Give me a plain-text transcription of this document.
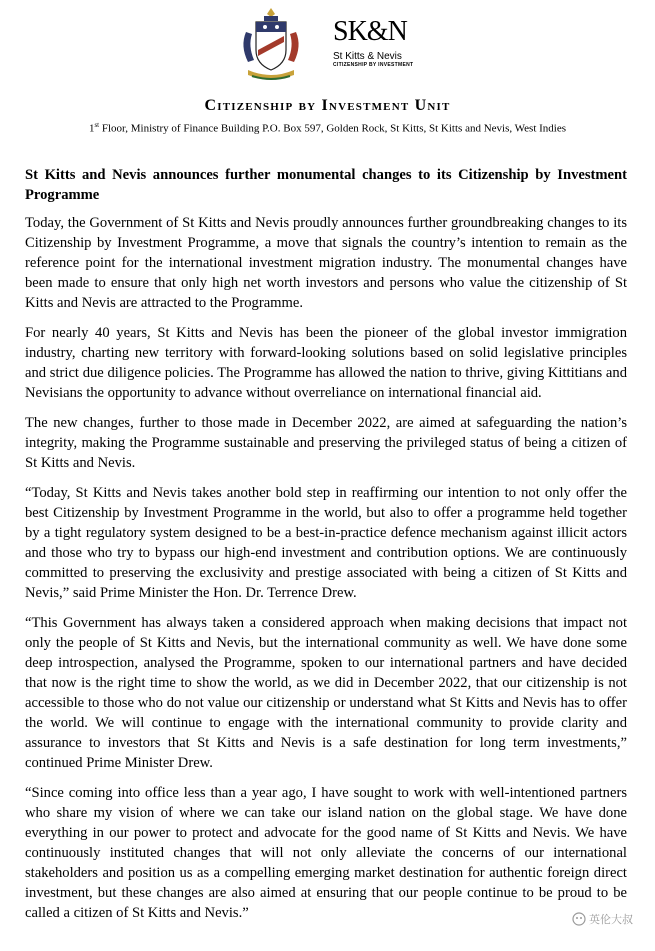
SK&N
St Kitts & Nevis
CITIZENSHIP BY INVESTMENT
Citizenship by Investment Unit
1st Floor, Ministry of Finance Building P.O. Box 597, Golden Rock, St Kitts, St Kitts and Nevis, West Indies

St Kitts and Nevis announces further monumental changes to its Citizenship by Investment Programme

Today, the Government of St Kitts and Nevis proudly announces further groundbreaking changes to its Citizenship by Investment Programme, a move that signals the country’s intention to remain as the reference point for the international investment migration industry. The monumental changes have been made to ensure that only high net worth investors and persons who value the citizenship of St Kitts and Nevis are attracted to the Programme.

For nearly 40 years, St Kitts and Nevis has been the pioneer of the global investor immigration industry, charting new territory with forward-looking solutions based on solid legislative principles and strict due diligence policies. The Programme has allowed the nation to thrive, giving Kittitians and Nevisians the opportunity to advance without overreliance on international financial aid.

The new changes, further to those made in December 2022, are aimed at safeguarding the nation’s integrity, making the Programme sustainable and preserving the privileged status of being a citizen of St Kitts and Nevis.

“Today, St Kitts and Nevis takes another bold step in reaffirming our intention to not only offer the best Citizenship by Investment Programme in the world, but also to offer a programme held together by a tight regulatory system designed to be a best-in-practice defence mechanism against illicit actors and those who try to bypass our high-end investment and contribution options. We are continuously committed to preserving the exclusivity and prestige associated with being a citizen of St Kitts and Nevis,” said Prime Minister the Hon. Dr. Terrence Drew.

“This Government has always taken a considered approach when making decisions that impact not only the people of St Kitts and Nevis, but the international community as well. We have done some deep introspection, analysed the Programme, spoken to our international partners and have decided that now is the right time to show the world, as we did in December 2022, that our citizenship is not accessible to those who do not value our citizenship or understand what St Kitts and Nevis has to offer the world. We will continue to engage with the international community to provide clarity and assurance to investors that St Kitts and Nevis is a safe destination for long term investments,” continued Prime Minister Drew.

“Since coming into office less than a year ago, I have sought to work with well-intentioned partners who share my vision of where we can take our island nation on the global stage. We have done everything in our power to protect and advocate for the good name of St Kitts and Nevis. We have continuously instituted changes that will not only alleviate the concerns of our international stakeholders and position us as a compelling emerging market destination for authentic foreign direct investment, but these changes are also aimed at ensuring that our people continue to be proud to be called a citizen of St Kitts and Nevis.”	英伦大叔
